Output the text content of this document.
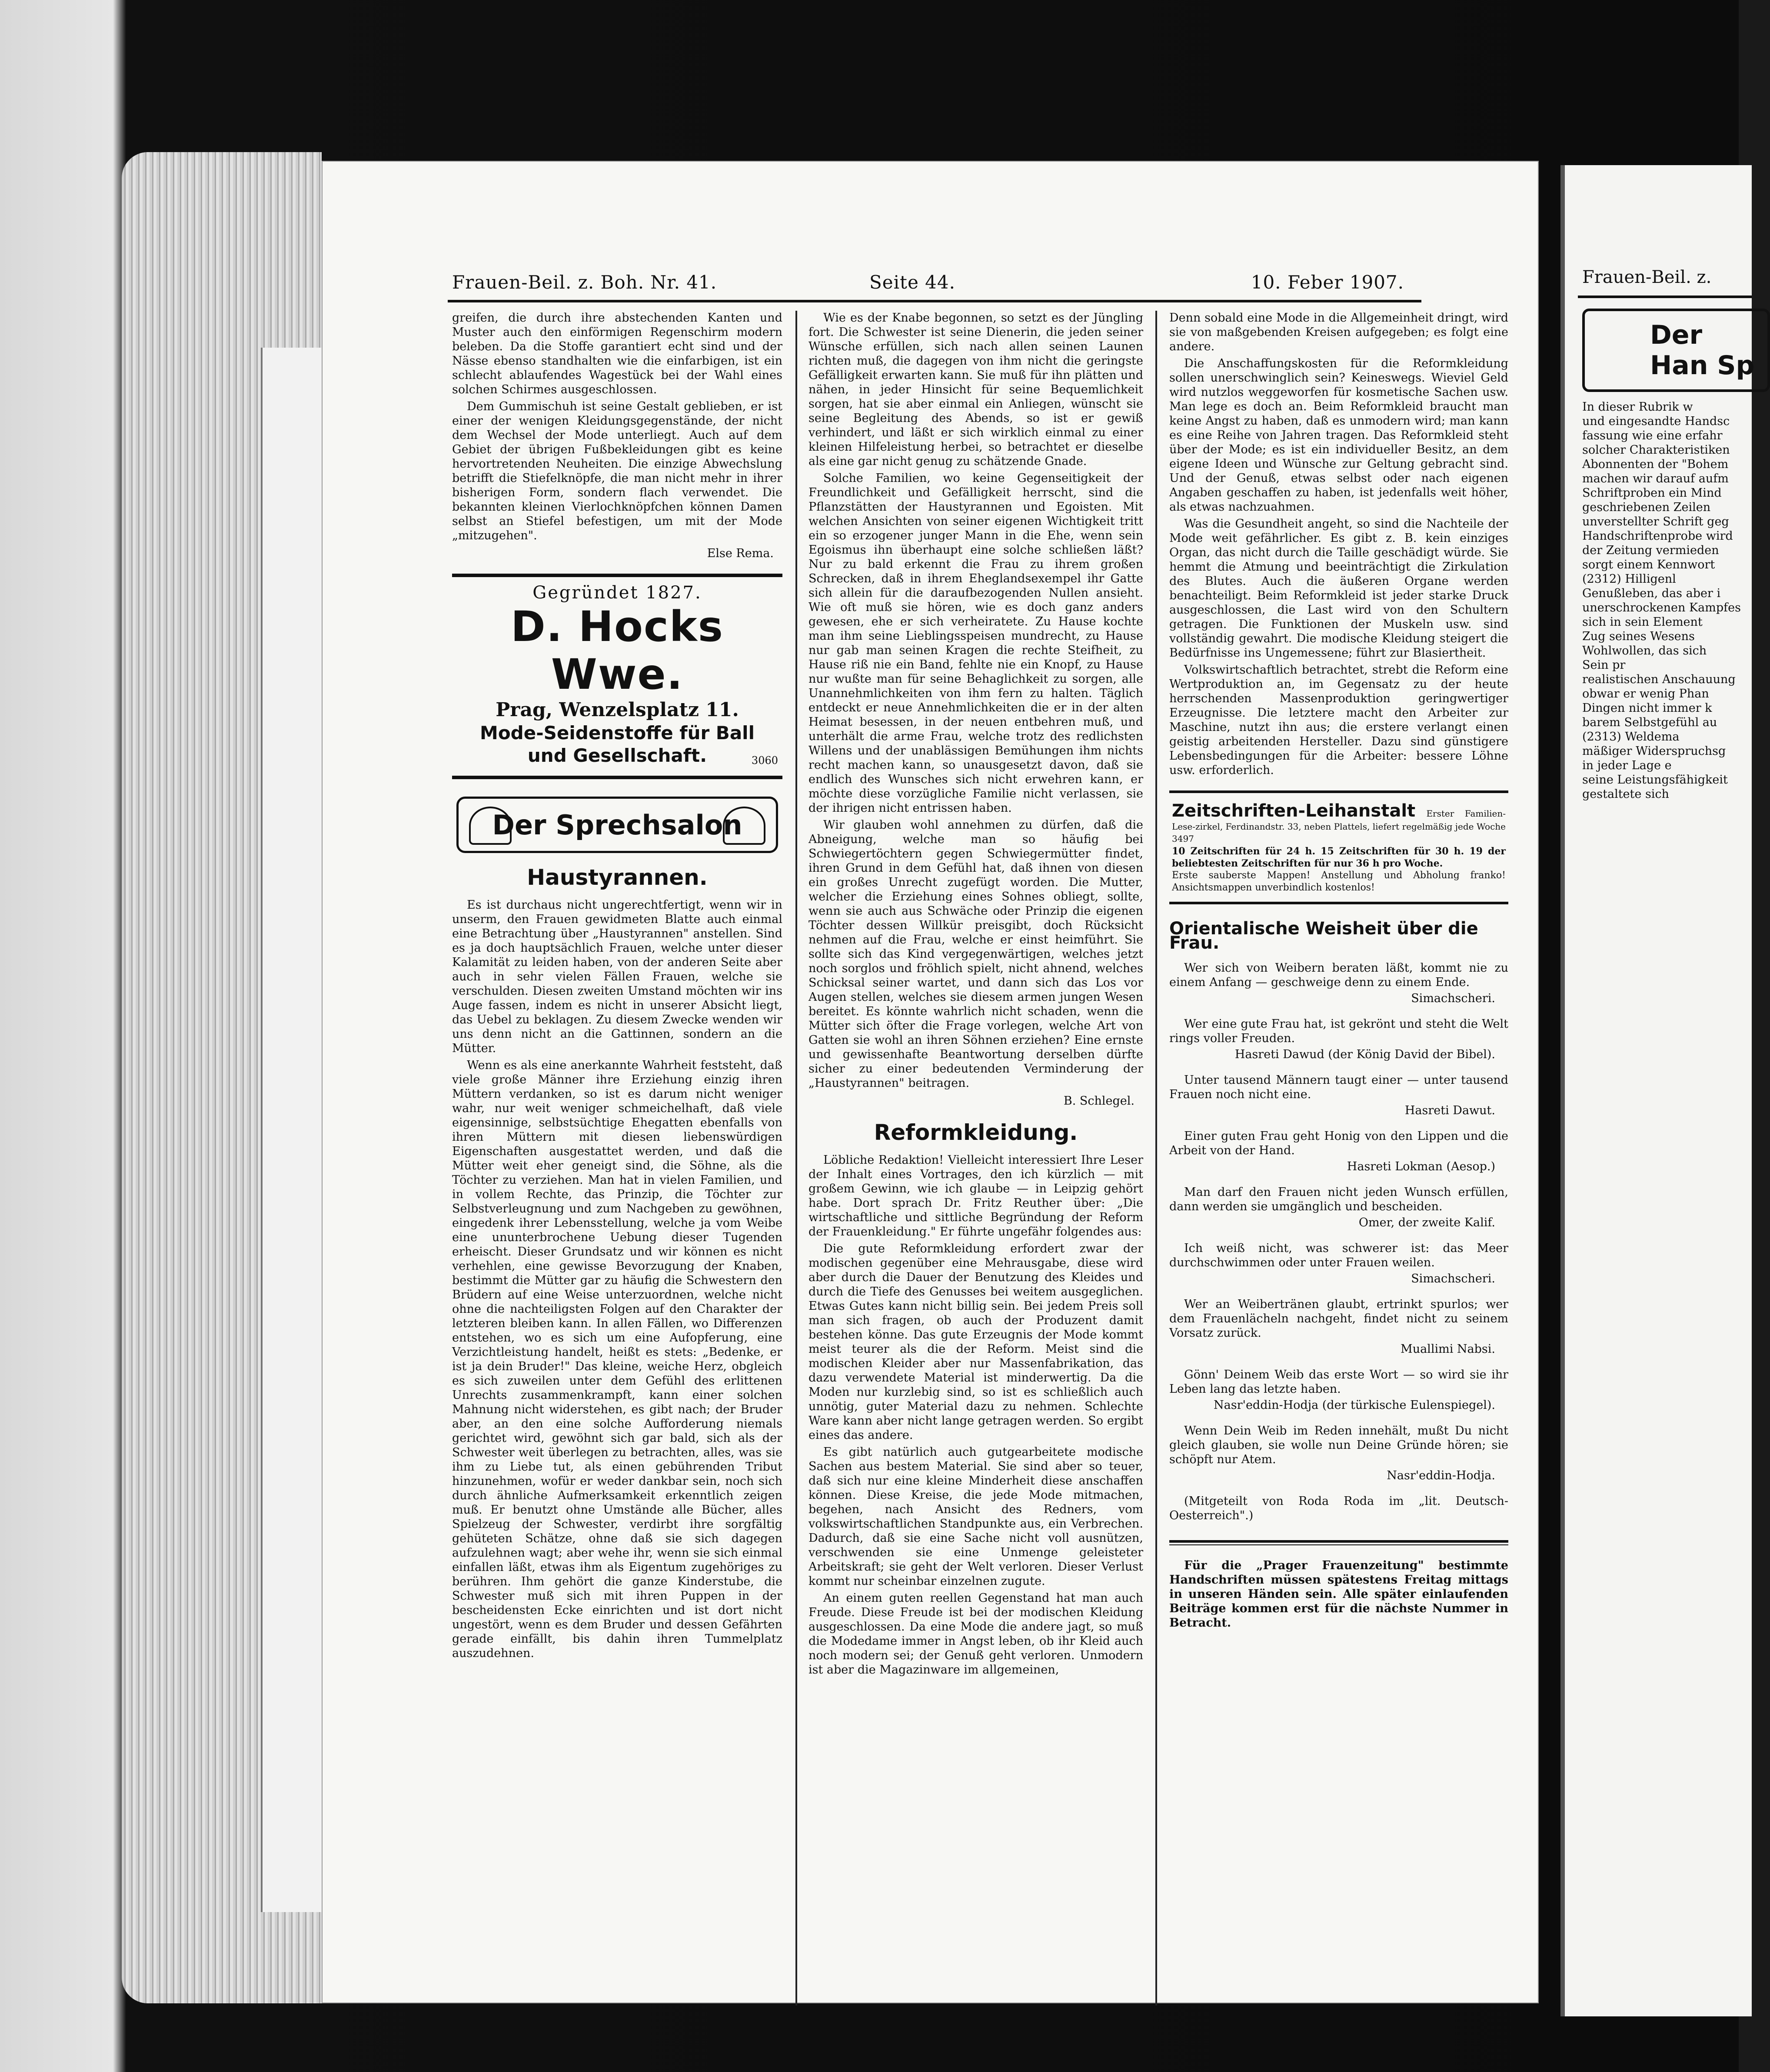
Frauen-Beil. z.
Der Han Sp
In dieser Rubrik w
und eingesandte Handsc
fassung wie eine erfahr
solcher Charakteristiken
Abonnenten der "Bohem
machen wir darauf aufm
Schriftproben ein Mind
geschriebenen Zeilen
unverstellter Schrift geg
Handschriftenprobe wird
der Zeitung vermieden
sorgt einem Kennwort
(2312) Hilligenl
Genußleben, das aber i
unerschrockenen Kampfes
sich in sein Element
Zug seines Wesens
Wohlwollen, das sich
Sein pr
realistischen Anschauung
obwar er wenig Phan
Dingen nicht immer k
barem Selbstgefühl au
(2313) Weldema
mäßiger Widerspruchsg
in jeder Lage e
seine Leistungsfähigkeit
gestaltete sich
Frauen-Beil. z. Boh. Nr. 41.	Seite 44.	10. Feber 1907.

greifen, die durch ihre abstechenden Kanten und Muster auch den einförmigen Regenschirm modern beleben. Da die Stoffe garantiert echt sind und der Nässe ebenso standhalten wie die einfarbigen, ist ein schlecht ablaufendes Wagestück bei der Wahl eines solchen Schirmes ausgeschlossen.

Dem Gummischuh ist seine Gestalt geblieben, er ist einer der wenigen Kleidungsgegenstände, der nicht dem Wechsel der Mode unterliegt. Auch auf dem Gebiet der übrigen Fußbekleidungen gibt es keine hervortretenden Neuheiten. Die einzige Abwechslung betrifft die Stiefelknöpfe, die man nicht mehr in ihrer bisherigen Form, sondern flach verwendet. Die bekannten kleinen Vierlochknöpfchen können Damen selbst an Stiefel befestigen, um mit der Mode „mitzugehen".

Else Rema.

Gegründet 1827.
D. Hocks Wwe.
Prag, Wenzelsplatz 11.
Mode-Seidenstoffe für Ball
und Gesellschaft.	3060
Der Sprechsalon
Haustyrannen.

Es ist durchaus nicht ungerechtfertigt, wenn wir in unserm, den Frauen gewidmeten Blatte auch einmal eine Betrachtung über „Haustyrannen" anstellen. Sind es ja doch hauptsächlich Frauen, welche unter dieser Kalamität zu leiden haben, von der anderen Seite aber auch in sehr vielen Fällen Frauen, welche sie verschulden. Diesen zweiten Umstand möchten wir ins Auge fassen, indem es nicht in unserer Absicht liegt, das Uebel zu beklagen. Zu diesem Zwecke wenden wir uns denn nicht an die Gattinnen, sondern an die Mütter.

Wenn es als eine anerkannte Wahrheit feststeht, daß viele große Männer ihre Erziehung einzig ihren Müttern verdanken, so ist es darum nicht weniger wahr, nur weit weniger schmeichelhaft, daß viele eigensinnige, selbstsüchtige Ehegatten ebenfalls von ihren Müttern mit diesen liebenswürdigen Eigenschaften ausgestattet werden, und daß die Mütter weit eher geneigt sind, die Söhne, als die Töchter zu verziehen. Man hat in vielen Familien, und in vollem Rechte, das Prinzip, die Töchter zur Selbstverleugnung und zum Nachgeben zu gewöhnen, eingedenk ihrer Lebensstellung, welche ja vom Weibe eine ununterbrochene Uebung dieser Tugenden erheischt. Dieser Grundsatz und wir können es nicht verhehlen, eine gewisse Bevorzugung der Knaben, bestimmt die Mütter gar zu häufig die Schwestern den Brüdern auf eine Weise unterzuordnen, welche nicht ohne die nachteiligsten Folgen auf den Charakter der letzteren bleiben kann. In allen Fällen, wo Differenzen entstehen, wo es sich um eine Aufopferung, eine Verzichtleistung handelt, heißt es stets: „Bedenke, er ist ja dein Bruder!" Das kleine, weiche Herz, obgleich es sich zuweilen unter dem Gefühl des erlittenen Unrechts zusammenkrampft, kann einer solchen Mahnung nicht widerstehen, es gibt nach; der Bruder aber, an den eine solche Aufforderung niemals gerichtet wird, gewöhnt sich gar bald, sich als der Schwester weit überlegen zu betrachten, alles, was sie ihm zu Liebe tut, als einen gebührenden Tribut hinzunehmen, wofür er weder dankbar sein, noch sich durch ähnliche Aufmerksamkeit erkenntlich zeigen muß. Er benutzt ohne Umstände alle Bücher, alles Spielzeug der Schwester, verdirbt ihre sorgfältig gehüteten Schätze, ohne daß sie sich dagegen aufzulehnen wagt; aber wehe ihr, wenn sie sich einmal einfallen läßt, etwas ihm als Eigentum zugehöriges zu berühren. Ihm gehört die ganze Kinderstube, die Schwester muß sich mit ihren Puppen in der bescheidensten Ecke einrichten und ist dort nicht ungestört, wenn es dem Bruder und dessen Gefährten gerade einfällt, bis dahin ihren Tummelplatz auszudehnen.

Wie es der Knabe begonnen, so setzt es der Jüngling fort. Die Schwester ist seine Dienerin, die jeden seiner Wünsche erfüllen, sich nach allen seinen Launen richten muß, die dagegen von ihm nicht die geringste Gefälligkeit erwarten kann. Sie muß für ihn plätten und nähen, in jeder Hinsicht für seine Bequemlichkeit sorgen, hat sie aber einmal ein Anliegen, wünscht sie seine Begleitung des Abends, so ist er gewiß verhindert, und läßt er sich wirklich einmal zu einer kleinen Hilfeleistung herbei, so betrachtet er dieselbe als eine gar nicht genug zu schätzende Gnade.

Solche Familien, wo keine Gegenseitigkeit der Freundlichkeit und Gefälligkeit herrscht, sind die Pflanzstätten der Haustyrannen und Egoisten. Mit welchen Ansichten von seiner eigenen Wichtigkeit tritt ein so erzogener junger Mann in die Ehe, wenn sein Egoismus ihn überhaupt eine solche schließen läßt? Nur zu bald erkennt die Frau zu ihrem großen Schrecken, daß in ihrem Eheglandsexempel ihr Gatte sich allein für die daraufbezogenden Nullen ansieht. Wie oft muß sie hören, wie es doch ganz anders gewesen, ehe er sich verheiratete. Zu Hause kochte man ihm seine Lieblingsspeisen mundrecht, zu Hause nur gab man seinen Kragen die rechte Steifheit, zu Hause riß nie ein Band, fehlte nie ein Knopf, zu Hause nur wußte man für seine Behaglichkeit zu sorgen, alle Unannehmlichkeiten von ihm fern zu halten. Täglich entdeckt er neue Annehmlichkeiten die er in der alten Heimat besessen, in der neuen entbehren muß, und unterhält die arme Frau, welche trotz des redlichsten Willens und der unablässigen Bemühungen ihm nichts recht machen kann, so unausgesetzt davon, daß sie endlich des Wunsches sich nicht erwehren kann, er möchte diese vorzügliche Familie nicht verlassen, sie der ihrigen nicht entrissen haben.

Wir glauben wohl annehmen zu dürfen, daß die Abneigung, welche man so häufig bei Schwiegertöchtern gegen Schwiegermütter findet, ihren Grund in dem Gefühl hat, daß ihnen von diesen ein großes Unrecht zugefügt worden. Die Mutter, welcher die Erziehung eines Sohnes obliegt, sollte, wenn sie auch aus Schwäche oder Prinzip die eigenen Töchter dessen Willkür preisgibt, doch Rücksicht nehmen auf die Frau, welche er einst heimführt. Sie sollte sich das Kind vergegenwärtigen, welches jetzt noch sorglos und fröhlich spielt, nicht ahnend, welches Schicksal seiner wartet, und dann sich das Los vor Augen stellen, welches sie diesem armen jungen Wesen bereitet. Es könnte wahrlich nicht schaden, wenn die Mütter sich öfter die Frage vorlegen, welche Art von Gatten sie wohl an ihren Söhnen erziehen? Eine ernste und gewissenhafte Beantwortung derselben dürfte sicher zu einer bedeutenden Verminderung der „Haustyrannen" beitragen.

B. Schlegel.

Reformkleidung.

Löbliche Redaktion! Vielleicht interessiert Ihre Leser der Inhalt eines Vortrages, den ich kürzlich — mit großem Gewinn, wie ich glaube — in Leipzig gehört habe. Dort sprach Dr. Fritz Reuther über: „Die wirtschaftliche und sittliche Begründung der Reform der Frauenkleidung." Er führte ungefähr folgendes aus:

Die gute Reformkleidung erfordert zwar der modischen gegenüber eine Mehrausgabe, diese wird aber durch die Dauer der Benutzung des Kleides und durch die Tiefe des Genusses bei weitem ausgeglichen. Etwas Gutes kann nicht billig sein. Bei jedem Preis soll man sich fragen, ob auch der Produzent damit bestehen könne. Das gute Erzeugnis der Mode kommt meist teurer als die der Reform. Meist sind die modischen Kleider aber nur Massenfabrikation, das dazu verwendete Material ist minderwertig. Da die Moden nur kurzlebig sind, so ist es schließlich auch unnötig, guter Material dazu zu nehmen. Schlechte Ware kann aber nicht lange getragen werden. So ergibt eines das andere.

Es gibt natürlich auch gutgearbeitete modische Sachen aus bestem Material. Sie sind aber so teuer, daß sich nur eine kleine Minderheit diese anschaffen können. Diese Kreise, die jede Mode mitmachen, begehen, nach Ansicht des Redners, vom volkswirtschaftlichen Standpunkte aus, ein Verbrechen. Dadurch, daß sie eine Sache nicht voll ausnützen, verschwenden sie eine Unmenge geleisteter Arbeitskraft; sie geht der Welt verloren. Dieser Verlust kommt nur scheinbar einzelnen zugute.

An einem guten reellen Gegenstand hat man auch Freude. Diese Freude ist bei der modischen Kleidung ausgeschlossen. Da eine Mode die andere jagt, so muß die Modedame immer in Angst leben, ob ihr Kleid auch noch modern sei; der Genuß geht verloren. Unmodern ist aber die Magazinware im allgemeinen,

Denn sobald eine Mode in die Allgemeinheit dringt, wird sie von maßgebenden Kreisen aufgegeben; es folgt eine andere.

Die Anschaffungskosten für die Reformkleidung sollen unerschwinglich sein? Keineswegs. Wieviel Geld wird nutzlos weggeworfen für kosmetische Sachen usw. Man lege es doch an. Beim Reformkleid braucht man keine Angst zu haben, daß es unmodern wird; man kann es eine Reihe von Jahren tragen. Das Reformkleid steht über der Mode; es ist ein individueller Besitz, an dem eigene Ideen und Wünsche zur Geltung gebracht sind. Und der Genuß, etwas selbst oder nach eigenen Angaben geschaffen zu haben, ist jedenfalls weit höher, als etwas nachzuahmen.

Was die Gesundheit angeht, so sind die Nachteile der Mode weit gefährlicher. Es gibt z. B. kein einziges Organ, das nicht durch die Taille geschädigt würde. Sie hemmt die Atmung und beeinträchtigt die Zirkulation des Blutes. Auch die äußeren Organe werden benachteiligt. Beim Reformkleid ist jeder starke Druck ausgeschlossen, die Last wird von den Schultern getragen. Die Funktionen der Muskeln usw. sind vollständig gewahrt. Die modische Kleidung steigert die Bedürfnisse ins Ungemessene; führt zur Blasiertheit.

Volkswirtschaftlich betrachtet, strebt die Reform eine Wertproduktion an, im Gegensatz zu der heute herrschenden Massenproduktion geringwertiger Erzeugnisse. Die letztere macht den Arbeiter zur Maschine, nutzt ihn aus; die erstere verlangt einen geistig arbeitenden Hersteller. Dazu sind günstigere Lebensbedingungen für die Arbeiter: bessere Löhne usw. erforderlich.

Zeitschriften-Leihanstalt Erster Familien-Lese-zirkel, Ferdinandstr. 33, neben Plattels, liefert regelmäßig jede Woche 3497
10 Zeitschriften für 24 h. 15 Zeitschriften für 30 h. 19 der beliebtesten Zeitschriften für nur 36 h pro Woche.
Erste sauberste Mappen! Anstellung und Abholung franko! Ansichtsmappen unverbindlich kostenlos!
Orientalische Weisheit über die Frau.

Wer sich von Weibern beraten läßt, kommt nie zu einem Anfang — geschweige denn zu einem Ende.

Simachscheri.

Wer eine gute Frau hat, ist gekrönt und steht die Welt rings voller Freuden.

Hasreti Dawud (der König David der Bibel).

Unter tausend Männern taugt einer — unter tausend Frauen noch nicht eine.

Hasreti Dawut.

Einer guten Frau geht Honig von den Lippen und die Arbeit von der Hand.

Hasreti Lokman (Aesop.)

Man darf den Frauen nicht jeden Wunsch erfüllen, dann werden sie umgänglich und bescheiden.

Omer, der zweite Kalif.

Ich weiß nicht, was schwerer ist: das Meer durchschwimmen oder unter Frauen weilen.

Simachscheri.

Wer an Weibertränen glaubt, ertrinkt spurlos; wer dem Frauenlächeln nachgeht, findet nicht zu seinem Vorsatz zurück.

Muallimi Nabsi.

Gönn' Deinem Weib das erste Wort — so wird sie ihr Leben lang das letzte haben.

Nasr'eddin-Hodja (der türkische Eulenspiegel).

Wenn Dein Weib im Reden innehält, mußt Du nicht gleich glauben, sie wolle nun Deine Gründe hören; sie schöpft nur Atem.

Nasr'eddin-Hodja.

(Mitgeteilt von Roda Roda im „lit. Deutsch-Oesterreich".)

Für die „Prager Frauenzeitung" bestimmte Handschriften müssen spätestens Freitag mittags in unseren Händen sein. Alle später einlaufenden Beiträge kommen erst für die nächste Nummer in Betracht.
